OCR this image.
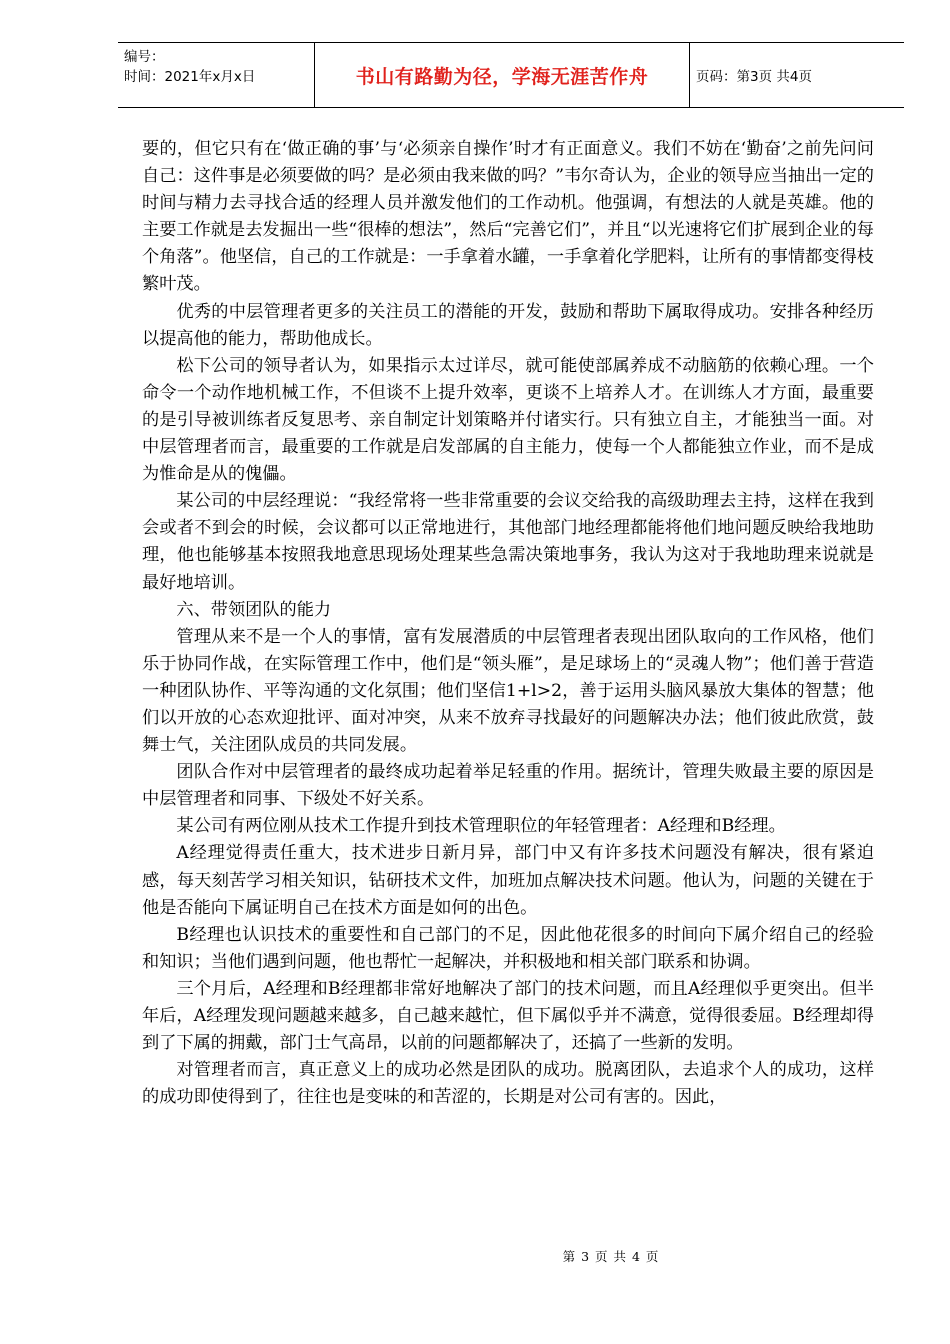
编号：
时间：2021年x月x日	书山有路勤为径，学海无涯苦作舟	页码：第3页 共4页

要的，但它只有在‘做正确的事’与‘必须亲自操作’时才有正面意义。我们不妨在‘勤奋’之前先问问自己：这件事是必须要做的吗？是必须由我来做的吗？”韦尔奇认为，企业的领导应当抽出一定的时间与精力去寻找合适的经理人员并激发他们的工作动机。他强调，有想法的人就是英雄。他的主要工作就是去发掘出一些“很棒的想法”，然后“完善它们”，并且“以光速将它们扩展到企业的每个角落”。他坚信，自己的工作就是：一手拿着水罐，一手拿着化学肥料，让所有的事情都变得枝繁叶茂。

优秀的中层管理者更多的关注员工的潜能的开发，鼓励和帮助下属取得成功。安排各种经历以提高他的能力，帮助他成长。

松下公司的领导者认为，如果指示太过详尽，就可能使部属养成不动脑筋的依赖心理。一个命令一个动作地机械工作，不但谈不上提升效率，更谈不上培养人才。在训练人才方面，最重要的是引导被训练者反复思考、亲自制定计划策略并付诸实行。只有独立自主，才能独当一面。对中层管理者而言，最重要的工作就是启发部属的自主能力，使每一个人都能独立作业，而不是成为惟命是从的傀儡。

某公司的中层经理说：“我经常将一些非常重要的会议交给我的高级助理去主持，这样在我到会或者不到会的时候，会议都可以正常地进行，其他部门地经理都能将他们地问题反映给我地助理，他也能够基本按照我地意思现场处理某些急需决策地事务，我认为这对于我地助理来说就是最好地培训。

六、带领团队的能力

管理从来不是一个人的事情，富有发展潜质的中层管理者表现出团队取向的工作风格，他们乐于协同作战，在实际管理工作中，他们是“领头雁”，是足球场上的“灵魂人物”；他们善于营造一种团队协作、平等沟通的文化氛围；他们坚信1+l>2，善于运用头脑风暴放大集体的智慧；他们以开放的心态欢迎批评、面对冲突，从来不放弃寻找最好的问题解决办法；他们彼此欣赏，鼓舞士气，关注团队成员的共同发展。

团队合作对中层管理者的最终成功起着举足轻重的作用。据统计，管理失败最主要的原因是中层管理者和同事、下级处不好关系。

某公司有两位刚从技术工作提升到技术管理职位的年轻管理者：A经理和B经理。

A经理觉得责任重大，技术进步日新月异，部门中又有许多技术问题没有解决，很有紧迫感，每天刻苦学习相关知识，钻研技术文件，加班加点解决技术问题。他认为，问题的关键在于他是否能向下属证明自己在技术方面是如何的出色。

B经理也认识技术的重要性和自己部门的不足，因此他花很多的时间向下属介绍自己的经验和知识；当他们遇到问题，他也帮忙一起解决，并积极地和相关部门联系和协调。

三个月后，A经理和B经理都非常好地解决了部门的技术问题，而且A经理似乎更突出。但半年后，A经理发现问题越来越多，自己越来越忙，但下属似乎并不满意，觉得很委屈。B经理却得到了下属的拥戴，部门士气高昂，以前的问题都解决了，还搞了一些新的发明。

对管理者而言，真正意义上的成功必然是团队的成功。脱离团队，去追求个人的成功，这样的成功即使得到了，往往也是变味的和苦涩的，长期是对公司有害的。因此，

第 3 页 共 4 页
